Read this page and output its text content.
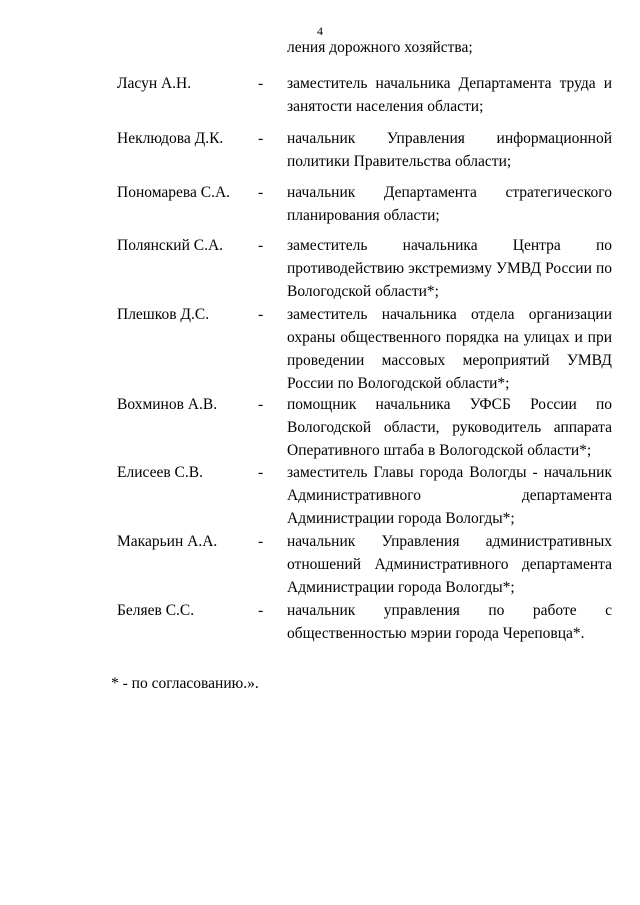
4
ления дорожного хозяйства;
Ласун А.Н.	- заместитель начальника Департамента труда и занятости населения области;
Неклюдова Д.К. - начальник Управления информационной политики Правительства области;
Пономарева С.А. - начальник Департамента стратегического планирования области;
Полянский С.А. - заместитель начальника Центра по противодействию экстремизму УМВД России по Вологодской области*;
Плешков Д.С.	- заместитель начальника отдела организации охраны общественного порядка на улицах и при проведении массовых мероприятий УМВД России по Вологодской области*;
Вохминов А.В.	- помощник начальника УФСБ России по Вологодской области, руководитель аппарата Оперативного штаба в Вологодской области*;
Елисеев С.В.	- заместитель Главы города Вологды - начальник Административного департамента Администрации города Вологды*;
Макарьин А.А.	- начальник Управления административных отношений Административного департамента Администрации города Вологды*;
Беляев С.С.	- начальник управления по работе с общественностью мэрии города Череповца*.
* - по согласованию.».
